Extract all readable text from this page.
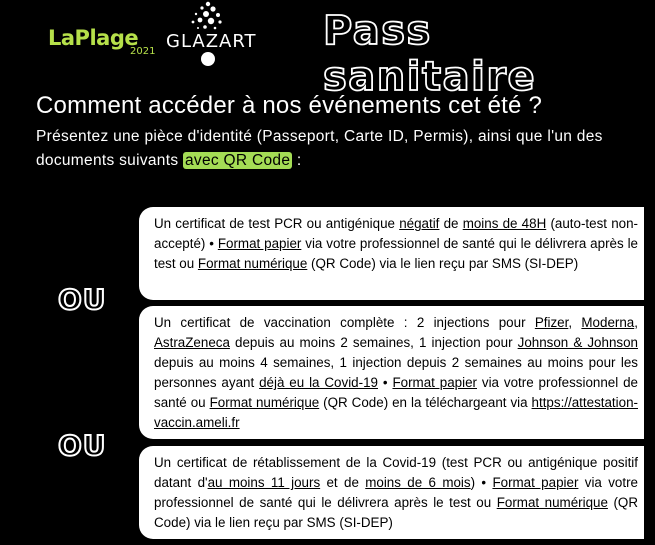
LaPlage
2021 GLAZART Pass sanitaire
Comment accéder à nos événements cet été ?
Présentez une pièce d'identité (Passeport, Carte ID, Permis), ainsi que l'un des documents suivants avec QR Code :
Un certificat de test PCR ou antigénique négatif de moins de 48H (auto-test non-accepté) • Format papier via votre professionnel de santé qui le délivrera après le test ou Format numérique (QR Code) via le lien reçu par SMS (SI-DEP)
OU
Un certificat de vaccination complète : 2 injections pour Pfizer, Moderna, AstraZeneca depuis au moins 2 semaines, 1 injection pour Johnson & Johnson depuis au moins 4 semaines, 1 injection depuis 2 semaines au moins pour les personnes ayant déjà eu la Covid-19 • Format papier via votre professionnel de santé ou Format numérique (QR Code) en la téléchargeant via https://attestation-vaccin.ameli.fr
OU
Un certificat de rétablissement de la Covid-19 (test PCR ou antigénique positif datant d'au moins 11 jours et de moins de 6 mois) • Format papier via votre professionnel de santé qui le délivrera après le test ou Format numérique (QR Code) via le lien reçu par SMS (SI-DEP)
